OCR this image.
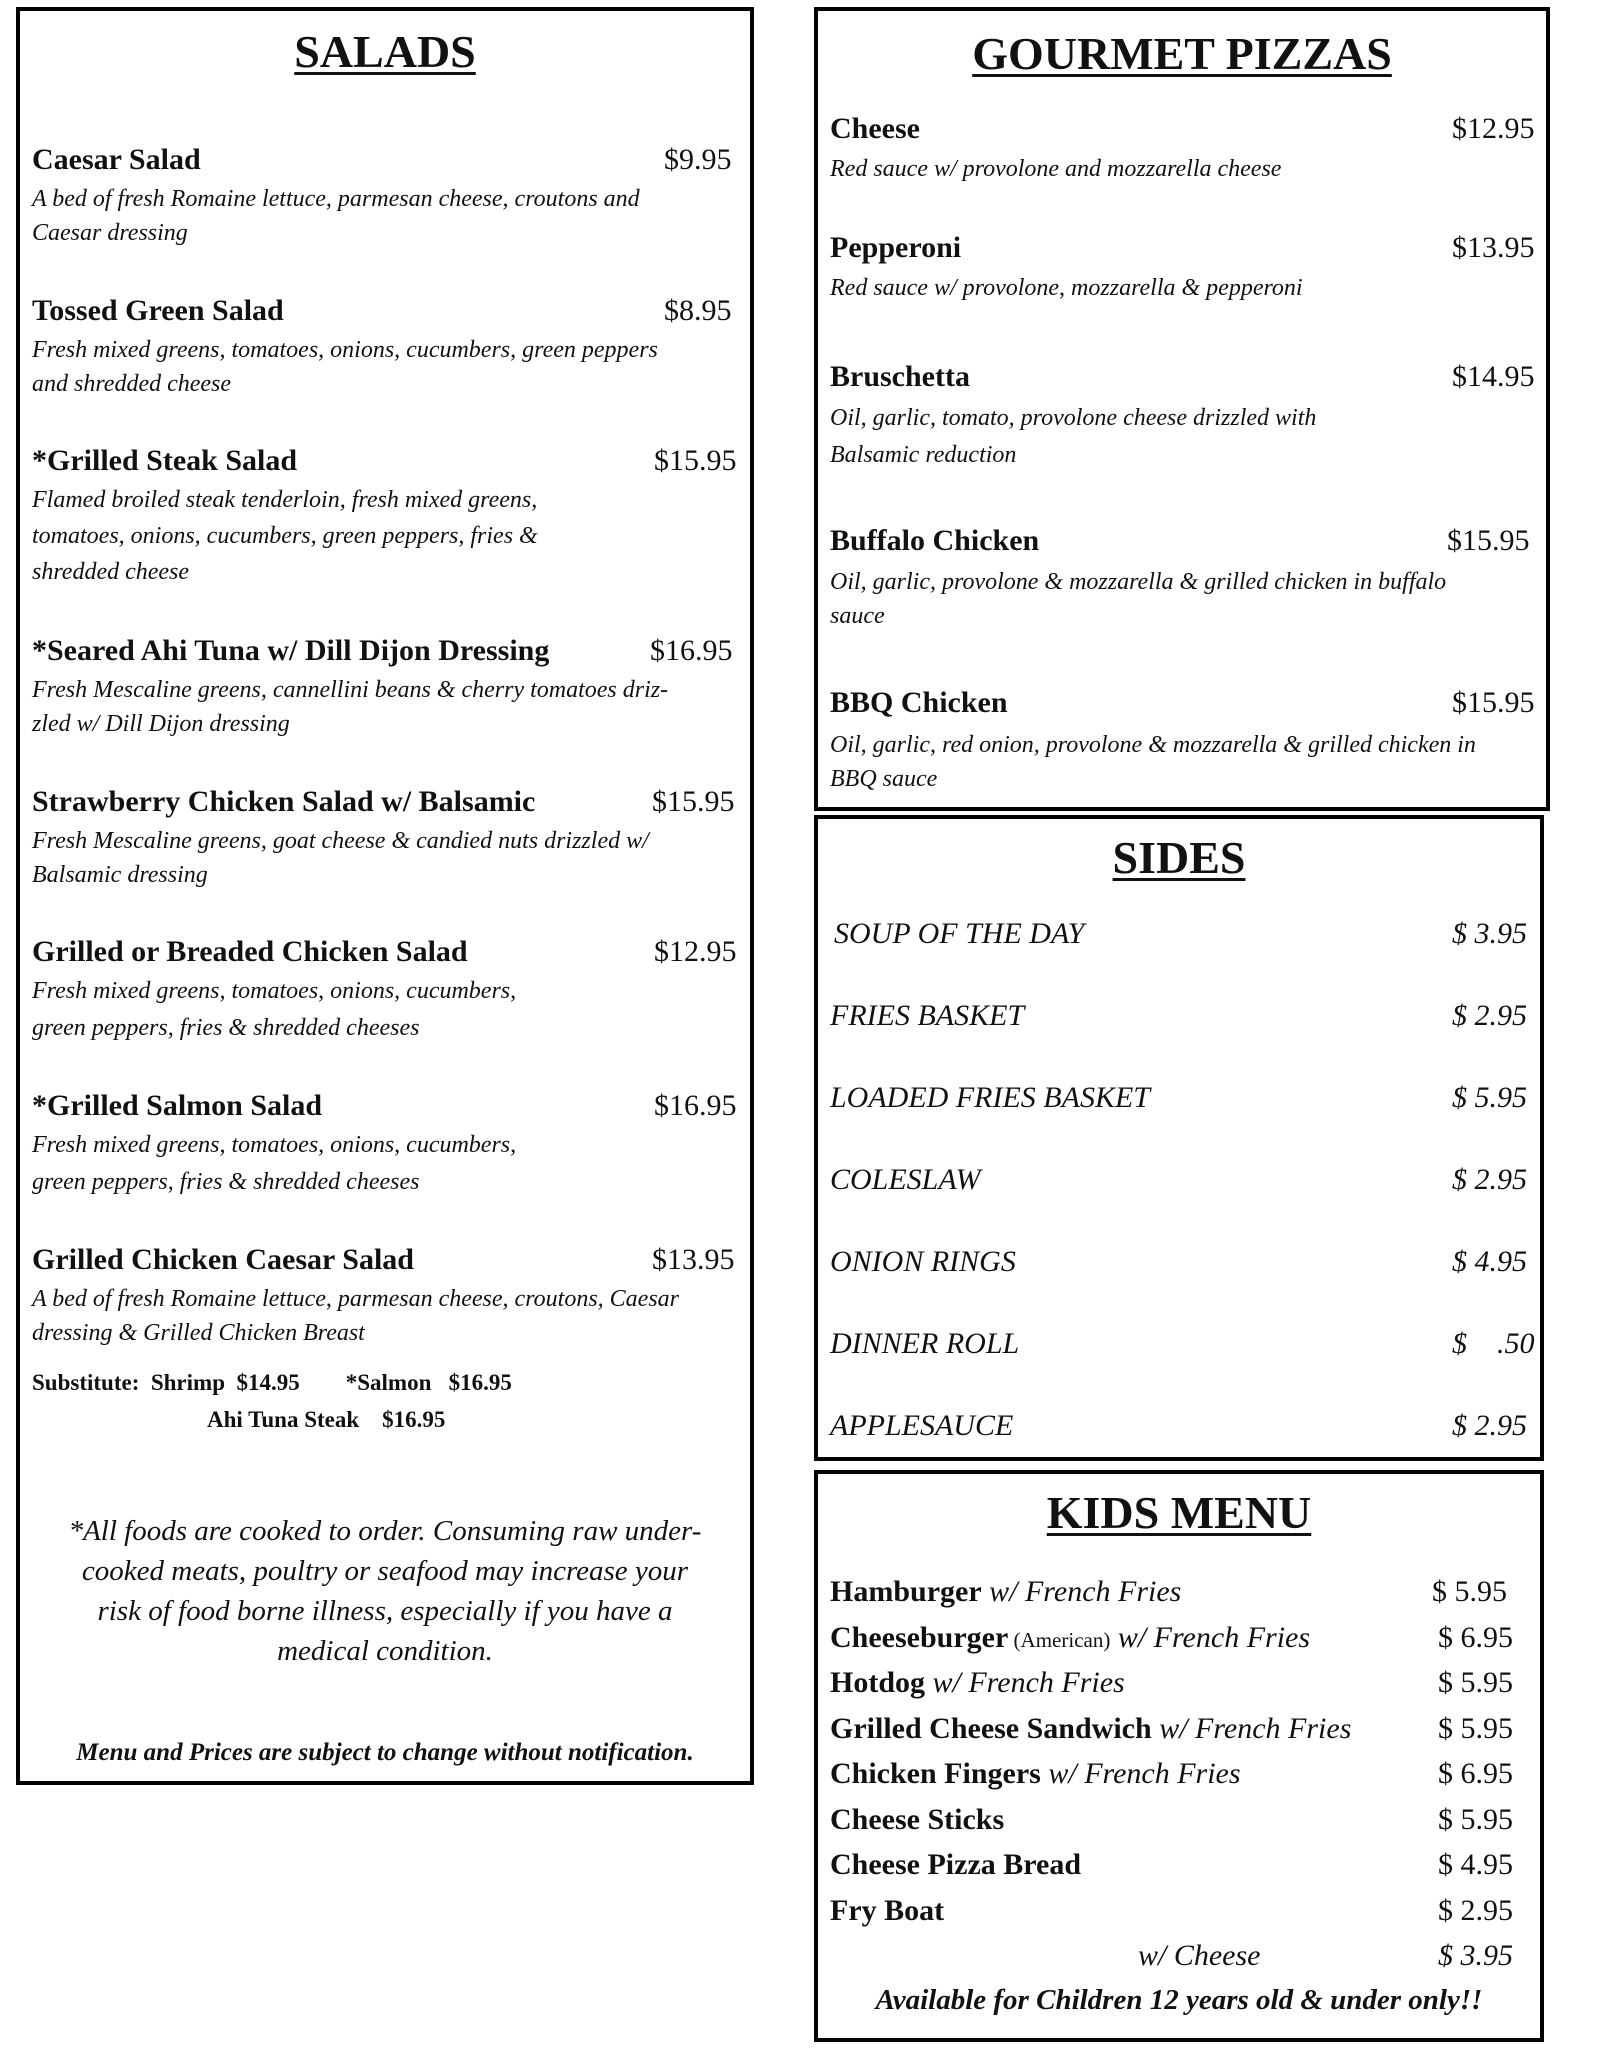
SALADS
Caesar Salad	$9.95
A bed of fresh Romaine lettuce, parmesan cheese, croutons and
Caesar dressing
Tossed Green Salad	$8.95
Fresh mixed greens, tomatoes, onions, cucumbers, green peppers
and shredded cheese
*Grilled Steak Salad	$15.95
Flamed broiled steak tenderloin, fresh mixed greens,
tomatoes, onions, cucumbers, green peppers, fries &
shredded cheese
*Seared Ahi Tuna w/ Dill Dijon Dressing	$16.95
Fresh Mescaline greens, cannellini beans & cherry tomatoes driz-
zled w/ Dill Dijon dressing
Strawberry Chicken Salad w/ Balsamic	$15.95
Fresh Mescaline greens, goat cheese & candied nuts drizzled w/
Balsamic dressing
Grilled or Breaded Chicken Salad	$12.95
Fresh mixed greens, tomatoes, onions, cucumbers,
green peppers, fries & shredded cheeses
*Grilled Salmon Salad	$16.95
Fresh mixed greens, tomatoes, onions, cucumbers,
green peppers, fries & shredded cheeses
Grilled Chicken Caesar Salad	$13.95
A bed of fresh Romaine lettuce, parmesan cheese, croutons, Caesar
dressing & Grilled Chicken Breast
Substitute:  Shrimp  $14.95        *Salmon   $16.95
Ahi Tuna Steak    $16.95
*All foods are cooked to order. Consuming raw under-
cooked meats, poultry or seafood may increase your
risk of food borne illness, especially if you have a
medical condition.
Menu and Prices are subject to change without notification.
GOURMET PIZZAS
Cheese	$12.95
Red sauce w/ provolone and mozzarella cheese
Pepperoni	$13.95
Red sauce w/ provolone, mozzarella & pepperoni
Bruschetta	$14.95
Oil, garlic, tomato, provolone cheese drizzled with
Balsamic reduction
Buffalo Chicken	$15.95
Oil, garlic, provolone & mozzarella & grilled chicken in buffalo
sauce
BBQ Chicken	$15.95
Oil, garlic, red onion, provolone & mozzarella & grilled chicken in
BBQ sauce
SIDES
SOUP OF THE DAY	$ 3.95
FRIES BASKET	$ 2.95
LOADED FRIES BASKET	$ 5.95
COLESLAW	$ 2.95
ONION RINGS	$ 4.95
DINNER ROLL	$    .50
APPLESAUCE	$ 2.95
KIDS MENU
Hamburger w/ French Fries	$ 5.95
Cheeseburger (American) w/ French Fries	$ 6.95
Hotdog w/ French Fries	$ 5.95
Grilled Cheese Sandwich w/ French Fries	$ 5.95
Chicken Fingers w/ French Fries	$ 6.95
Cheese Sticks	$ 5.95
Cheese Pizza Bread	$ 4.95
Fry Boat	$ 2.95
w/ Cheese	$ 3.95
Available for Children 12 years old & under only!!
